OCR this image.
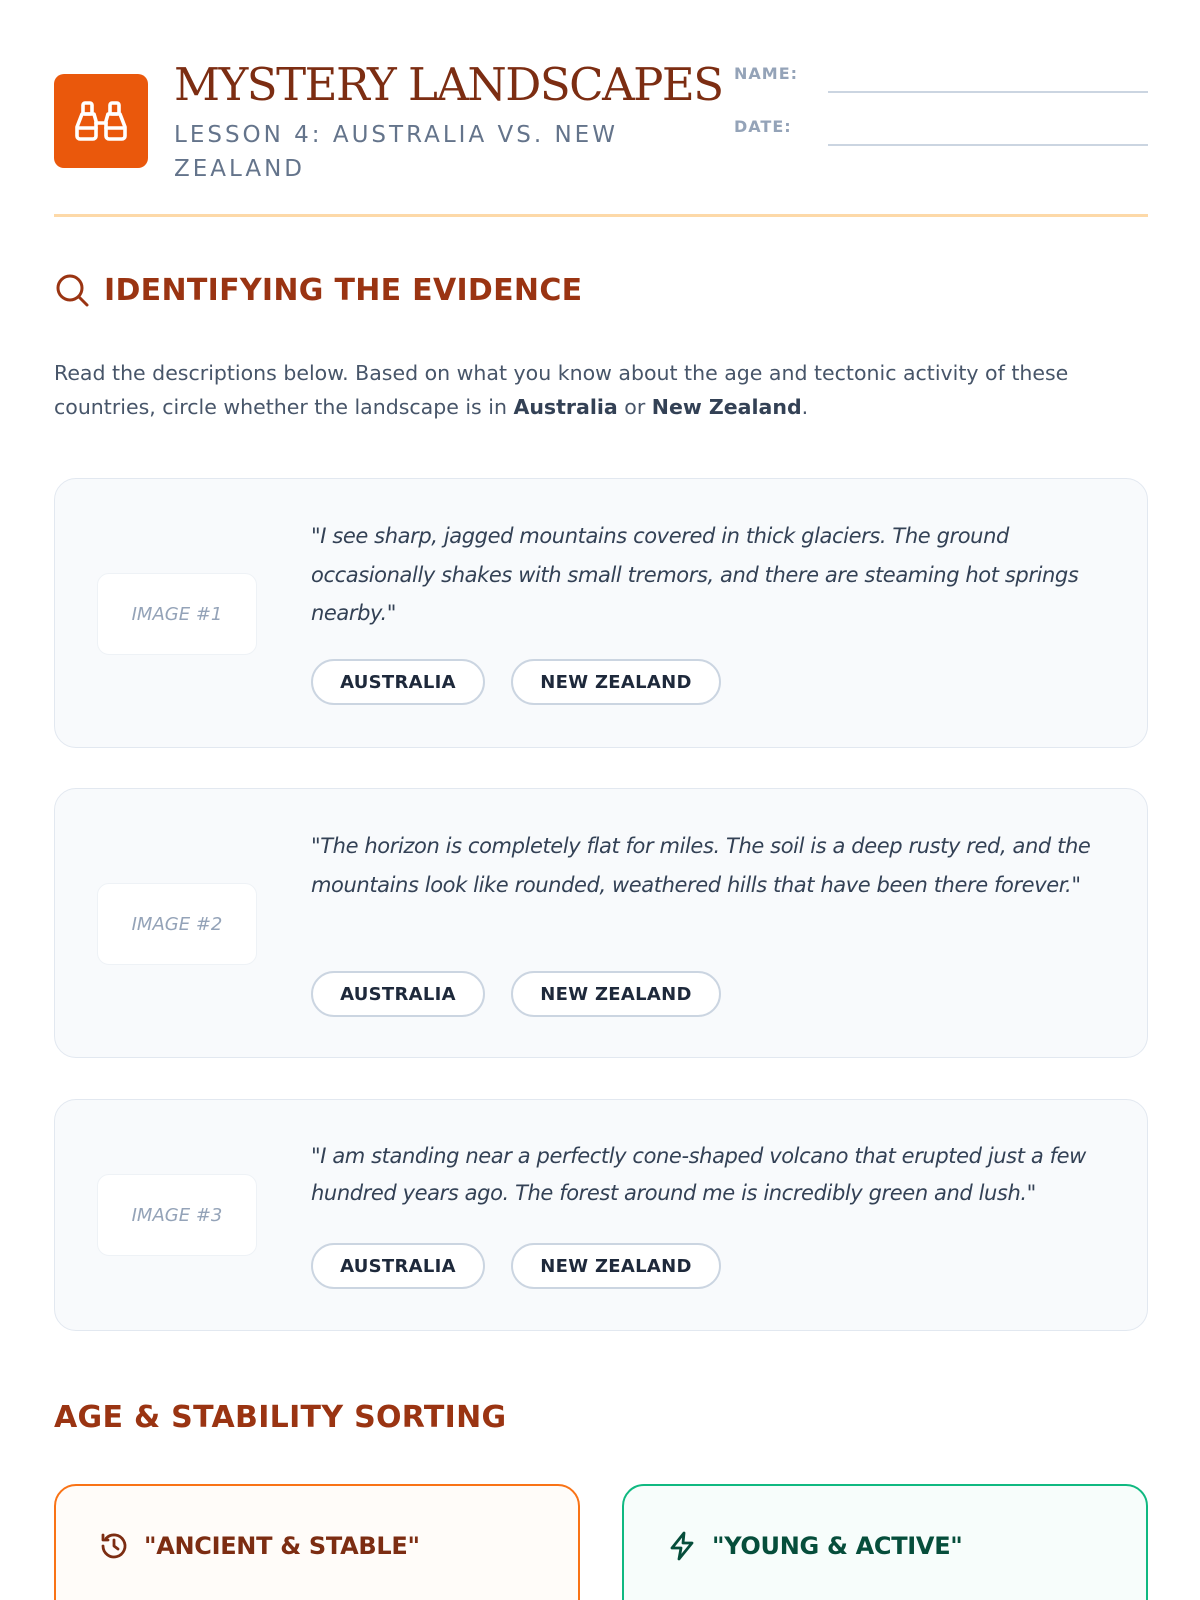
MYSTERY LANDSCAPES
LESSON 4: AUSTRALIA VS. NEW ZEALAND
NAME:
DATE:
IDENTIFYING THE EVIDENCE

Read the descriptions below. Based on what you know about the age and tectonic activity of these countries, circle whether the landscape is in Australia or New Zealand.

IMAGE #1

"I see sharp, jagged mountains covered in thick glaciers. The ground occasionally shakes with small tremors, and there are steaming hot springs nearby."

AUSTRALIA	NEW ZEALAND
IMAGE #2

"The horizon is completely flat for miles. The soil is a deep rusty red, and the mountains look like rounded, weathered hills that have been there forever."

AUSTRALIA	NEW ZEALAND
IMAGE #3

"I am standing near a perfectly cone-shaped volcano that erupted just a few hundred years ago. The forest around me is incredibly green and lush."

AUSTRALIA	NEW ZEALAND
AGE & STABILITY SORTING
"ANCIENT & STABLE"	"YOUNG & ACTIVE"
